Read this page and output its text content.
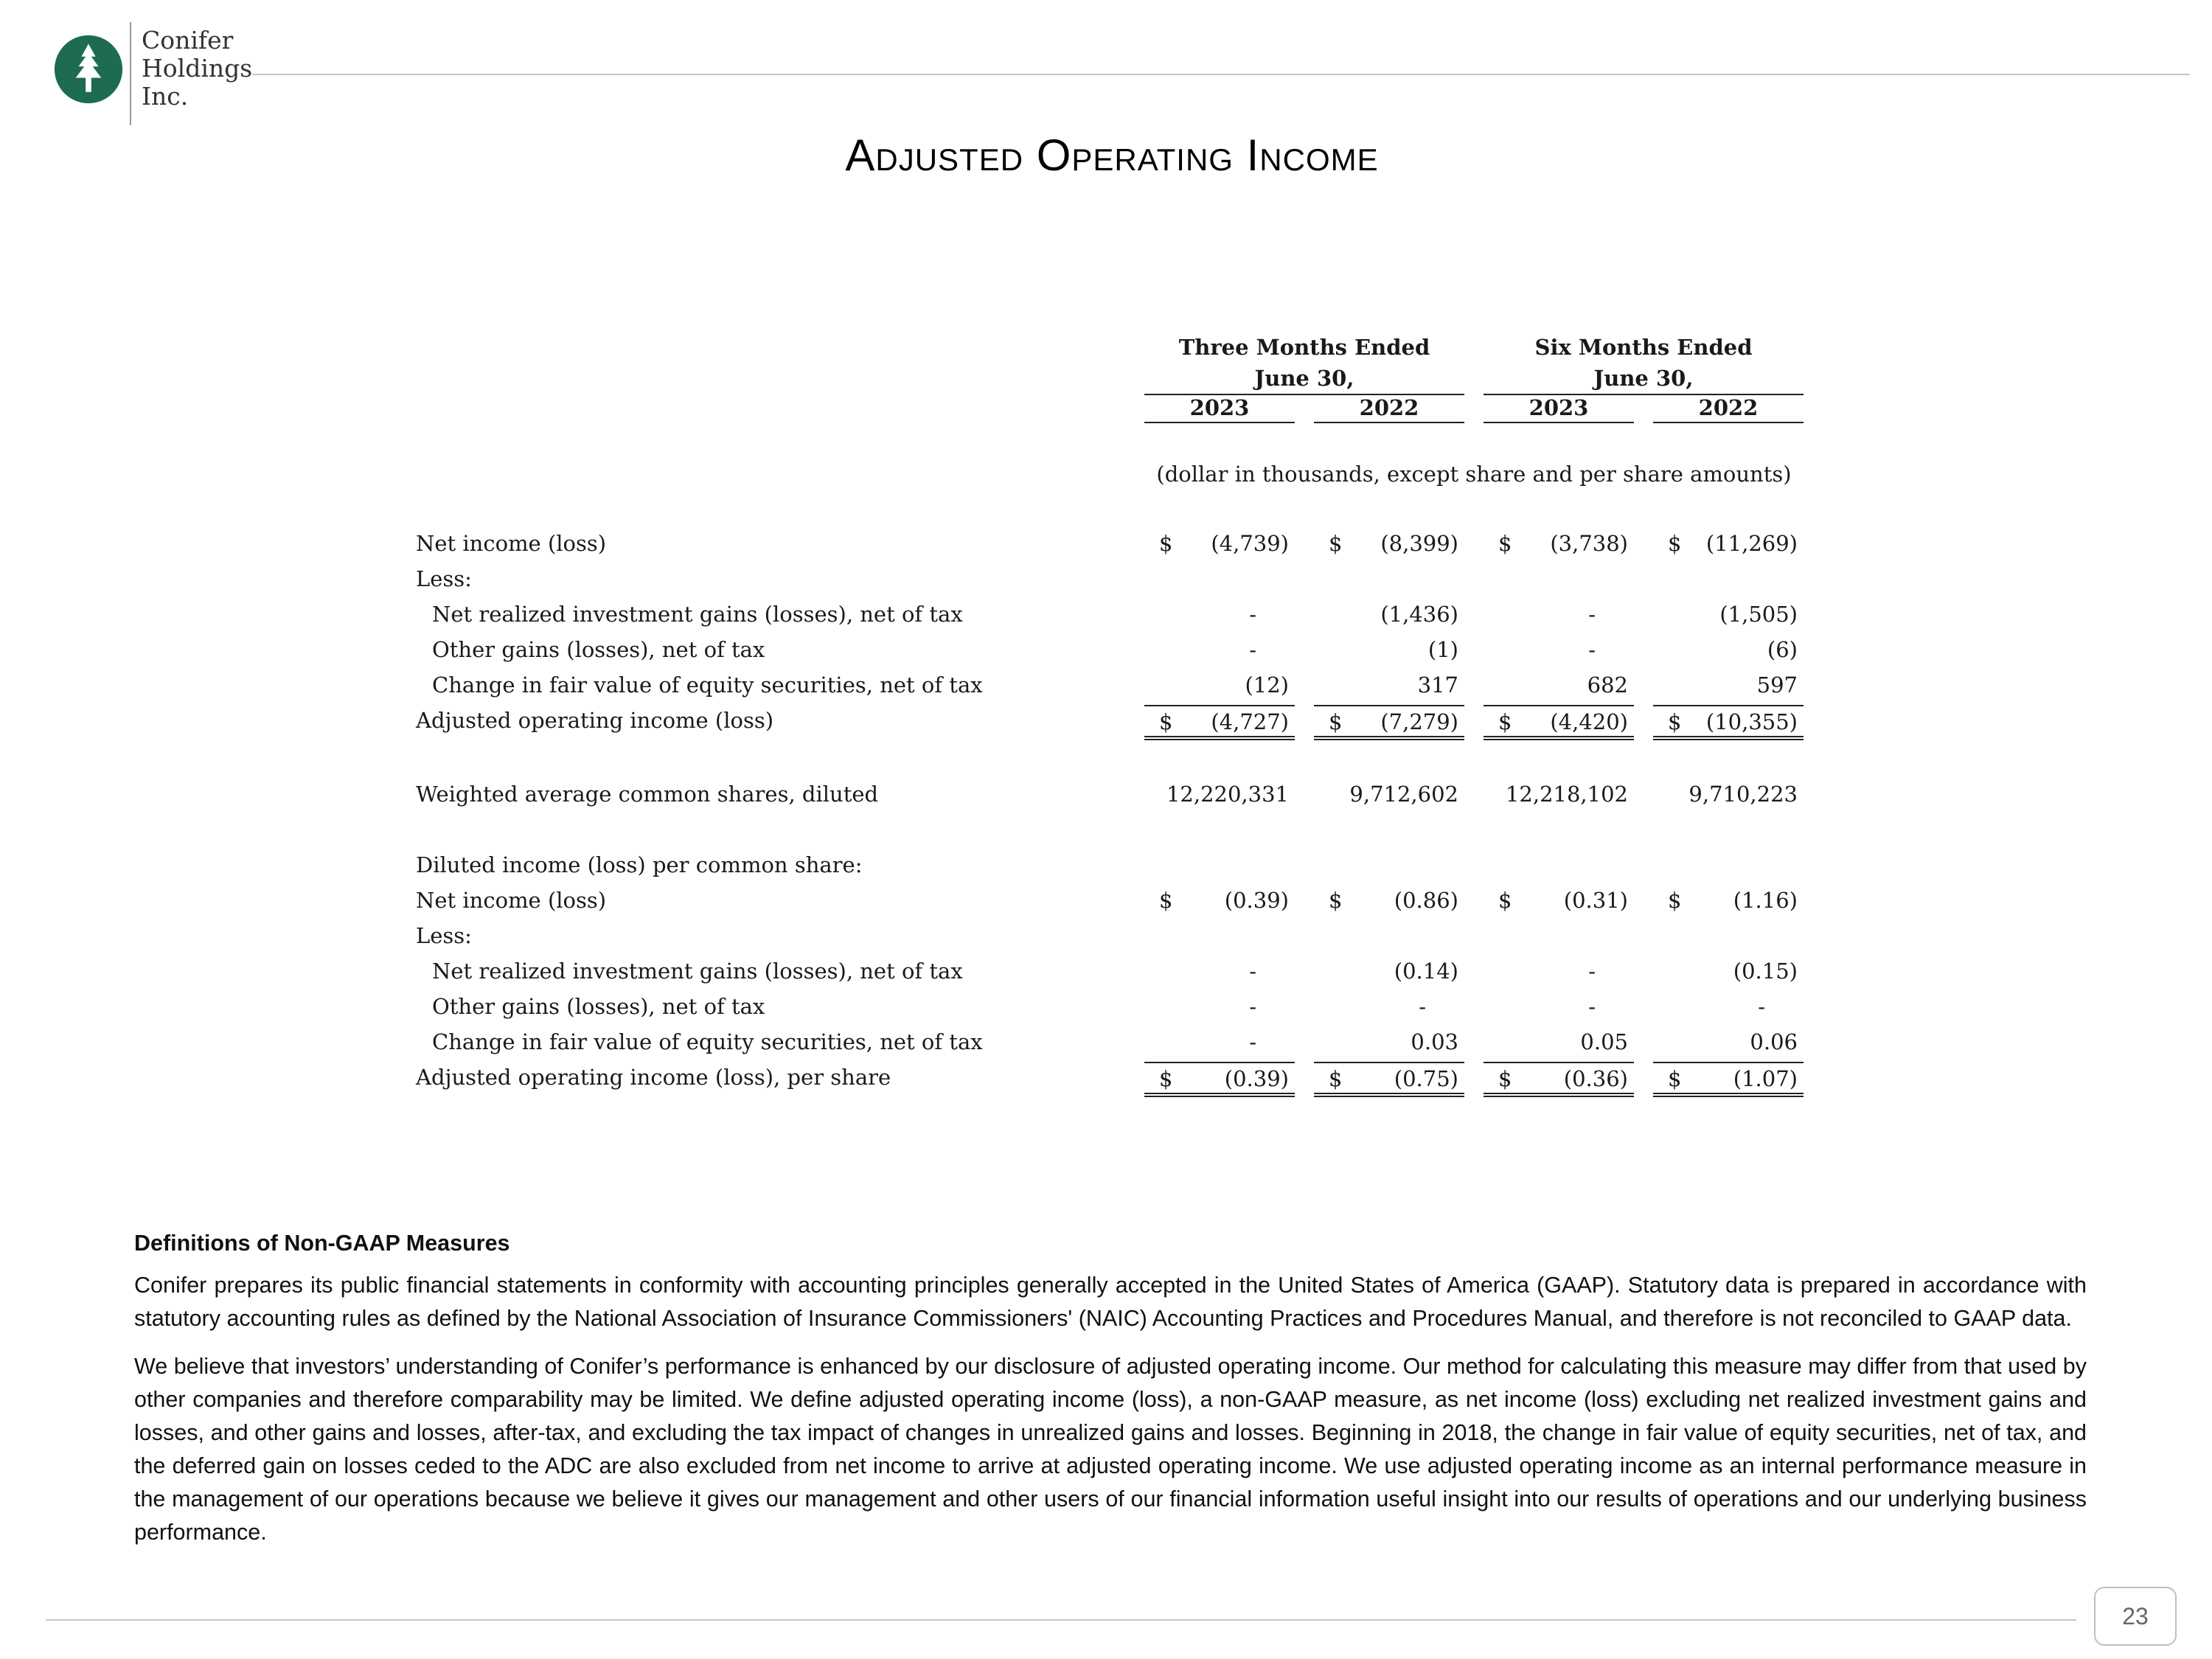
Conifer
Holdings
Inc.
Adjusted Operating Income
Three Months Ended
June 30,
Six Months Ended
June 30,
2023	2022	2023	2022
(dollar in thousands, except share and per share amounts)
Net income (loss)	$ (4,739) $ (8,399) $ (3,738) $ (11,269)
Less:
Net realized investment gains (losses), net of tax	-	(1,436)	-	(1,505)
Other gains (losses), net of tax	-	(1)	-	(6)
Change in fair value of equity securities, net of tax	(12)	317	682	597
Adjusted operating income (loss)	$ (4,727) $ (7,279) $ (4,420) $ (10,355)
Weighted average common shares, diluted	12,220,331	9,712,602 12,218,102	9,710,223
Diluted income (loss) per common share:
Net income (loss)	$ (0.39) $ (0.86) $ (0.31) $ (1.16)
Less:
Net realized investment gains (losses), net of tax	-	(0.14)	-	(0.15)
Other gains (losses), net of tax	-	-	-	-
Change in fair value of equity securities, net of tax	-	0.03	0.05	0.06
Adjusted operating income (loss), per share	$ (0.39) $ (0.75) $ (0.36) $ (1.07)
Definitions of Non-GAAP Measures

Conifer prepares its public financial statements in conformity with accounting principles generally accepted in the United States of America (GAAP). Statutory data is prepared in accordance with statutory accounting rules as defined by the National Association of Insurance Commissioners' (NAIC) Accounting Practices and Procedures Manual, and therefore is not reconciled to GAAP data.

We believe that investors’ understanding of Conifer’s performance is enhanced by our disclosure of adjusted operating income. Our method for calculating this measure may differ from that used by other companies and therefore comparability may be limited. We define adjusted operating income (loss), a non-GAAP measure, as net income (loss) excluding net realized investment gains and losses, and other gains and losses, after-tax, and excluding the tax impact of changes in unrealized gains and losses. Beginning in 2018, the change in fair value of equity securities, net of tax, and the deferred gain on losses ceded to the ADC are also excluded from net income to arrive at adjusted operating income. We use adjusted operating income as an internal performance measure in the management of our operations because we believe it gives our management and other users of our financial information useful insight into our results of operations and our underlying business performance.

23
